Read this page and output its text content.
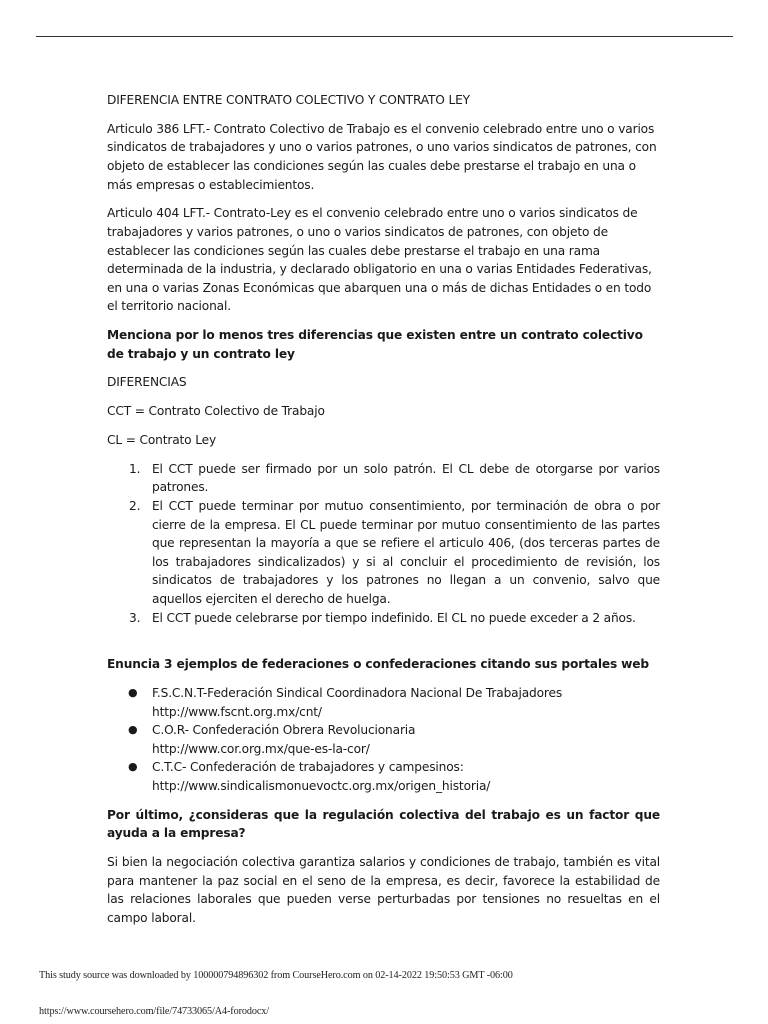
DIFERENCIA ENTRE CONTRATO COLECTIVO Y CONTRATO LEY

Articulo 386 LFT.- Contrato Colectivo de Trabajo es el convenio celebrado entre uno o varios sindicatos de trabajadores y uno o varios patrones, o uno varios sindicatos de patrones, con objeto de establecer las condiciones según las cuales debe prestarse el trabajo en una o más empresas o establecimientos.

Articulo 404 LFT.- Contrato-Ley es el convenio celebrado entre uno o varios sindicatos de trabajadores y varios patrones, o uno o varios sindicatos de patrones, con objeto de establecer las condiciones según las cuales debe prestarse el trabajo en una rama determinada de la industria, y declarado obligatorio en una o varias Entidades Federativas, en una o varias Zonas Económicas que abarquen una o más de dichas Entidades o en todo el territorio nacional.

Menciona por lo menos tres diferencias que existen entre un contrato colectivo de trabajo y un contrato ley

DIFERENCIAS

CCT = Contrato Colectivo de Trabajo

CL = Contrato Ley

1. El CCT puede ser firmado por un solo patrón. El CL debe de otorgarse por varios patrones.
2. El CCT puede terminar por mutuo consentimiento, por terminación de obra o por cierre de la empresa. El CL puede terminar por mutuo consentimiento de las partes que representan la mayoría a que se refiere el articulo 406, (dos terceras partes de los trabajadores sindicalizados) y si al concluir el procedimiento de revisión, los sindicatos de trabajadores y los patrones no llegan a un convenio, salvo que aquellos ejerciten el derecho de huelga.
3. El CCT puede celebrarse por tiempo indefinido. El CL no puede exceder a 2 años.

Enuncia 3 ejemplos de federaciones o confederaciones citando sus portales web

● F.S.C.N.T-Federación Sindical Coordinadora Nacional De Trabajadores
http://www.fscnt.org.mx/cnt/
● C.O.R- Confederación Obrera Revolucionaria
http://www.cor.org.mx/que-es-la-cor/
● C.T.C- Confederación de trabajadores y campesinos:
http://www.sindicalismonuevoctc.org.mx/origen_historia/

Por último, ¿consideras que la regulación colectiva del trabajo es un factor que ayuda a la empresa?

Si bien la negociación colectiva garantiza salarios y condiciones de trabajo, también es vital para mantener la paz social en el seno de la empresa, es decir, favorece la estabilidad de las relaciones laborales que pueden verse perturbadas por tensiones no resueltas en el campo laboral.

This study source was downloaded by 100000794896302 from CourseHero.com on 02-14-2022 19:50:53 GMT -06:00
https://www.coursehero.com/file/74733065/A4-forodocx/
